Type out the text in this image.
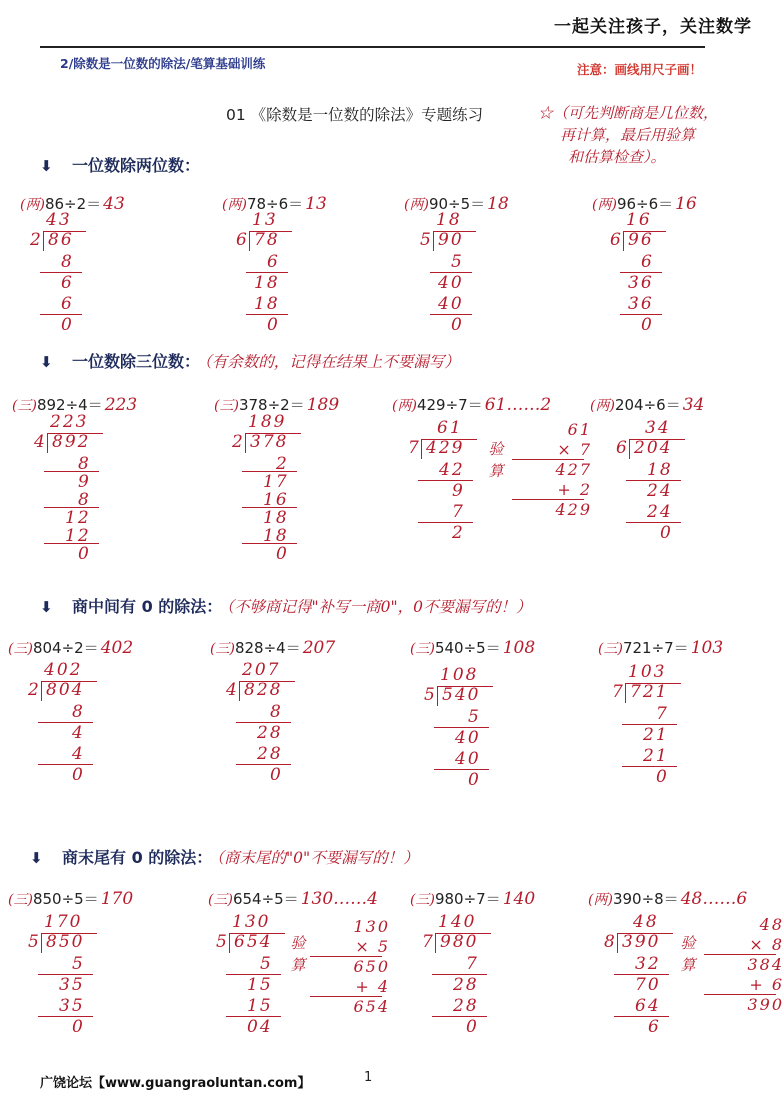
一起关注孩子，关注数学
2/除数是一位数的除法/笔算基础训练	注意：画线用尺子画！
01 《除数是一位数的除法》专题练习	☆（可先判断商是几位数，
再计算，最后用验算
和估算检查）。
⬇ 一位数除两位数：
⬇ 一位数除三位数： （有余数的，记得在结果上不要漏写）
⬇ 商中间有 0 的除法： （不够商记得"补写一商0"，0不要漏写的！）
⬇ 商末尾有 0 的除法： （商末尾的"0"不要漏写的！）
(两)86÷2＝ 43
43
2 86
8
6
6
0
(两)78÷6＝ 13
13
6 78
6
18
18
0
(两)90÷5＝ 18
18
5 90
5
40
40
0
(两)96÷6＝ 16
16
6 96
6
36
36
0
(三)892÷4＝ 223
223
4 892
8
9
8
12
12
0
(三)378÷2＝ 189
189
2 378
2
17
16
18
18
0
(两)429÷7＝ 61……2
61
7 429
42
9
7
2
验算
61
× 7
427
+ 2
429
(两)204÷6＝ 34
34
6 204
18
24
24
0
(三)804÷2＝ 402
402
2 804
8
4
4
0
(三)828÷4＝ 207
207
4 828
8
28
28
0
(三)540÷5＝ 108
108
5 540
5
40
40
0
(三)721÷7＝ 103
103
7 721
7
21
21
0
(三)850÷5＝ 170
170
5 850
5
35
35
0
(三)654÷5＝ 130……4
130
5 654
5
15
15
04
验算
130
× 5
650
+ 4
654
(三)980÷7＝ 140
140
7 980
7
28
28
0
(两)390÷8＝ 48……6
48
8 390
32
70
64
6
验算
48
× 8
384
+ 6
390
广饶论坛【www.guangraoluntan.com】	1
